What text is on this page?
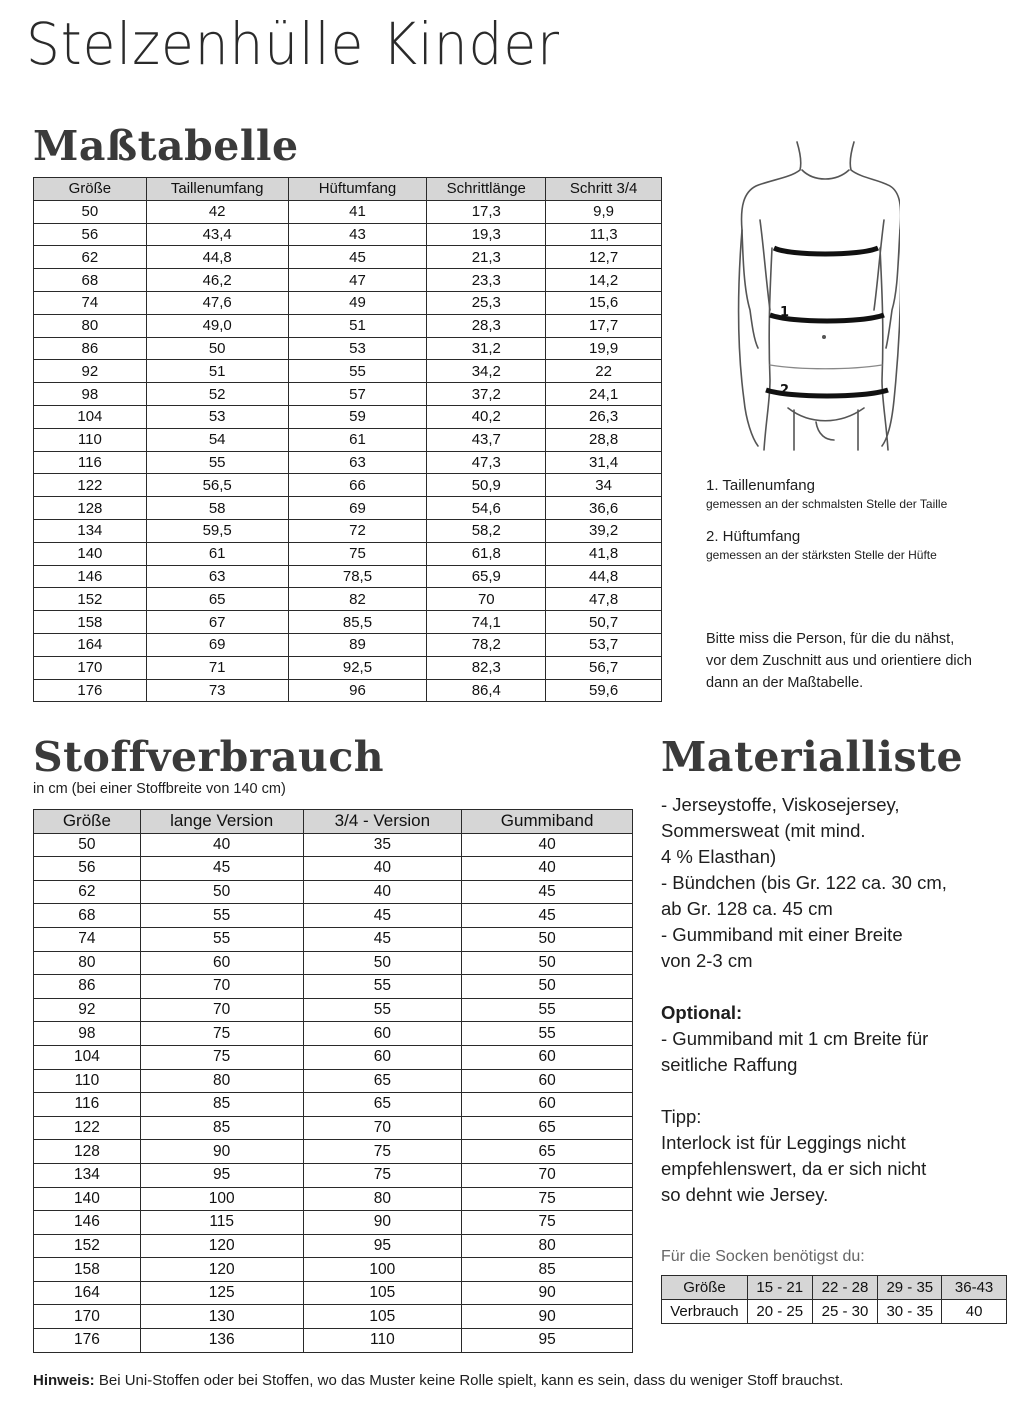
Stelzenhülle Kinder
Maßtabelle
Größe	Taillenumfang	Hüftumfang	Schrittlänge	Schritt 3/4
50	42	41	17,3	9,9
56	43,4	43	19,3	11,3
62	44,8	45	21,3	12,7
68	46,2	47	23,3	14,2
74	47,6	49	25,3	15,6
80	49,0	51	28,3	17,7
86	50	53	31,2	19,9
92	51	55	34,2	22
98	52	57	37,2	24,1
104	53	59	40,2	26,3
110	54	61	43,7	28,8
116	55	63	47,3	31,4
122	56,5	66	50,9	34
128	58	69	54,6	36,6
134	59,5	72	58,2	39,2
140	61	75	61,8	41,8
146	63	78,5	65,9	44,8
152	65	82	70	47,8
158	67	85,5	74,1	50,7
164	69	89	78,2	53,7
170	71	92,5	82,3	56,7
176	73	96	86,4	59,6
1
2
1. Taillenumfang
gemessen an der schmalsten Stelle der Taille
2. Hüftumfang
gemessen an der stärksten Stelle der Hüfte
Bitte miss die Person, für die du nähst,
vor dem Zuschnitt aus und orientiere dich
dann an der Maßtabelle.
Stoffverbrauch
in cm (bei einer Stoffbreite von 140 cm)
Größe	lange Version	3/4 - Version	Gummiband
50	40	35	40
56	45	40	40
62	50	40	45
68	55	45	45
74	55	45	50
80	60	50	50
86	70	55	50
92	70	55	55
98	75	60	55
104	75	60	60
110	80	65	60
116	85	65	60
122	85	70	65
128	90	75	65
134	95	75	70
140	100	80	75
146	115	90	75
152	120	95	80
158	120	100	85
164	125	105	90
170	130	105	90
176	136	110	95
Materialliste

- Jerseystoffe, Viskosejersey,

Sommersweat (mit mind.

4 % Elasthan)

- Bündchen (bis Gr. 122 ca. 30 cm,

ab Gr. 128 ca. 45 cm

- Gummiband mit einer Breite

von 2-3 cm

Optional:

- Gummiband mit 1 cm Breite für

seitliche Raffung

Tipp:

Interlock ist für Leggings nicht

empfehlenswert, da er sich nicht

so dehnt wie Jersey.

Für die Socken benötigst du:
Größe	15 - 21	22 - 28	29 - 35	36-43
Verbrauch	20 - 25	25 - 30	30 - 35	40
Hinweis: Bei Uni-Stoffen oder bei Stoffen, wo das Muster keine Rolle spielt, kann es sein, dass du weniger Stoff brauchst.
